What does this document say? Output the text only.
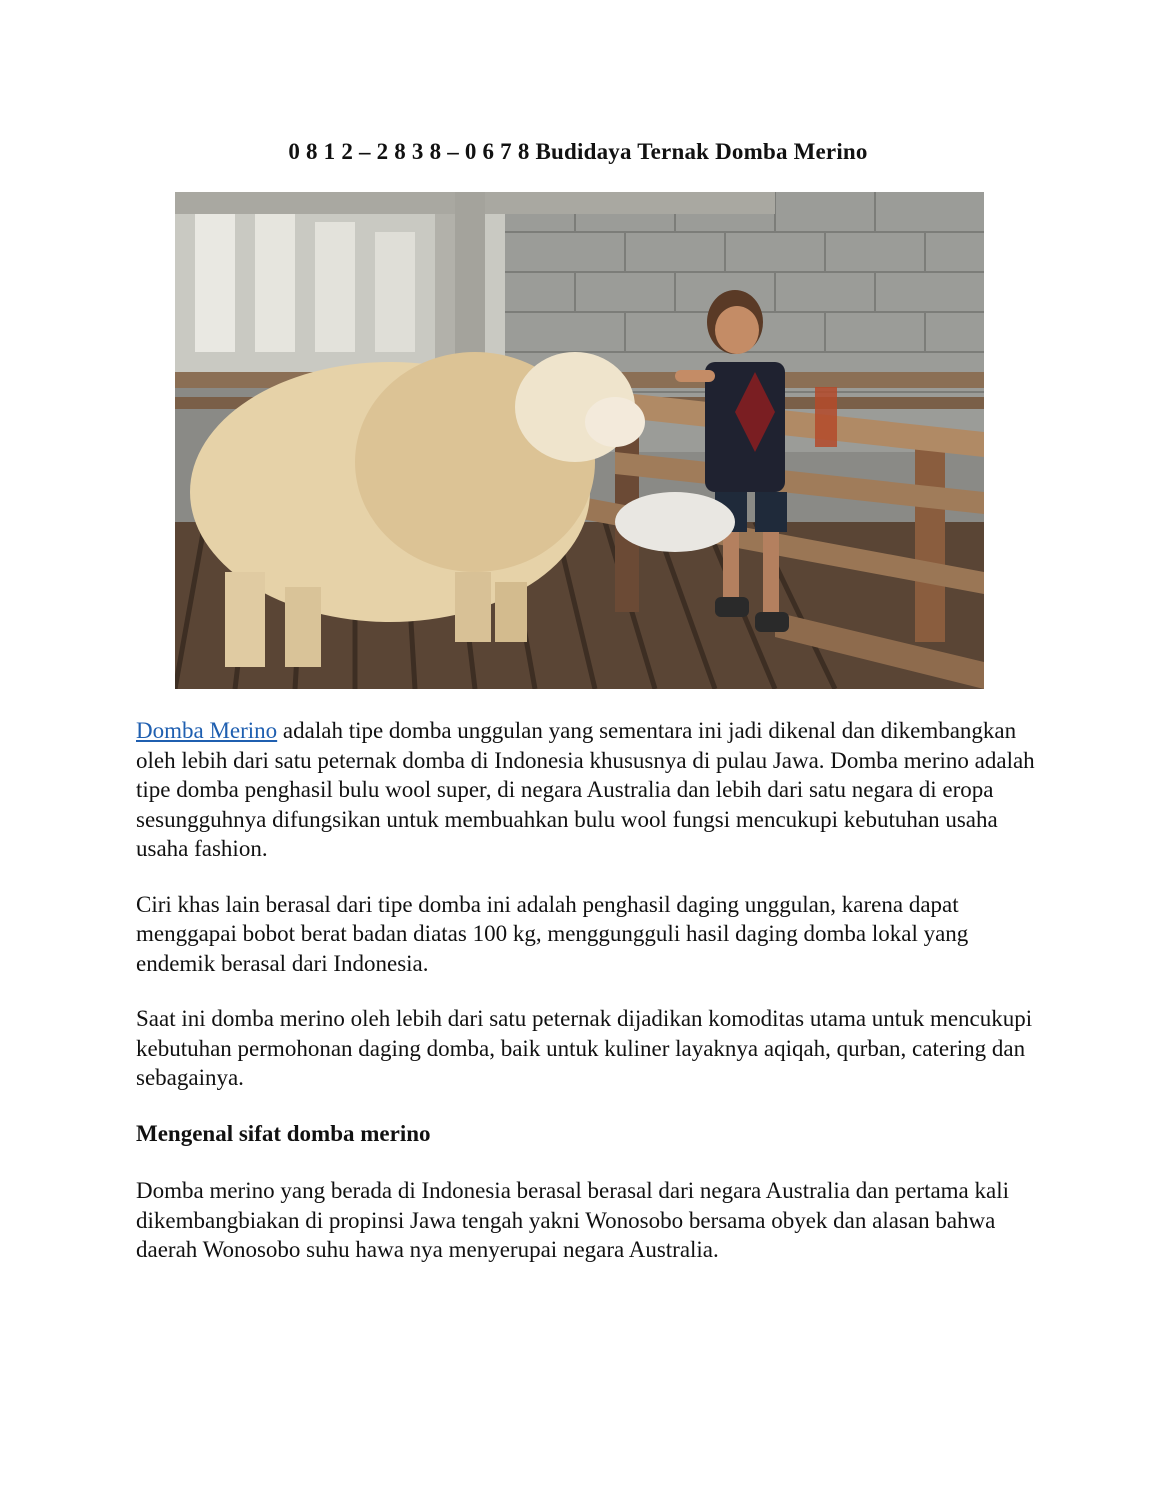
0 8 1 2 – 2 8 3 8 – 0 6 7 8 Budidaya Ternak Domba Merino

Domba Merino adalah tipe domba unggulan yang sementara ini jadi dikenal dan dikembangkan oleh lebih dari satu peternak domba di Indonesia khususnya di pulau Jawa. Domba merino adalah tipe domba penghasil bulu wool super, di negara Australia dan lebih dari satu negara di eropa sesungguhnya difungsikan untuk membuahkan bulu wool fungsi mencukupi kebutuhan usaha usaha fashion.

Ciri khas lain berasal dari tipe domba ini adalah penghasil daging unggulan, karena dapat menggapai bobot berat badan diatas 100 kg, menggungguli hasil daging domba lokal yang endemik berasal dari Indonesia.

Saat ini domba merino oleh lebih dari satu peternak dijadikan komoditas utama untuk mencukupi kebutuhan permohonan daging domba, baik untuk kuliner layaknya aqiqah, qurban, catering dan sebagainya.

Mengenal sifat domba merino

Domba merino yang berada di Indonesia berasal berasal dari negara Australia dan pertama kali dikembangbiakan di propinsi Jawa tengah yakni Wonosobo bersama obyek dan alasan bahwa daerah Wonosobo suhu hawa nya menyerupai negara Australia.
